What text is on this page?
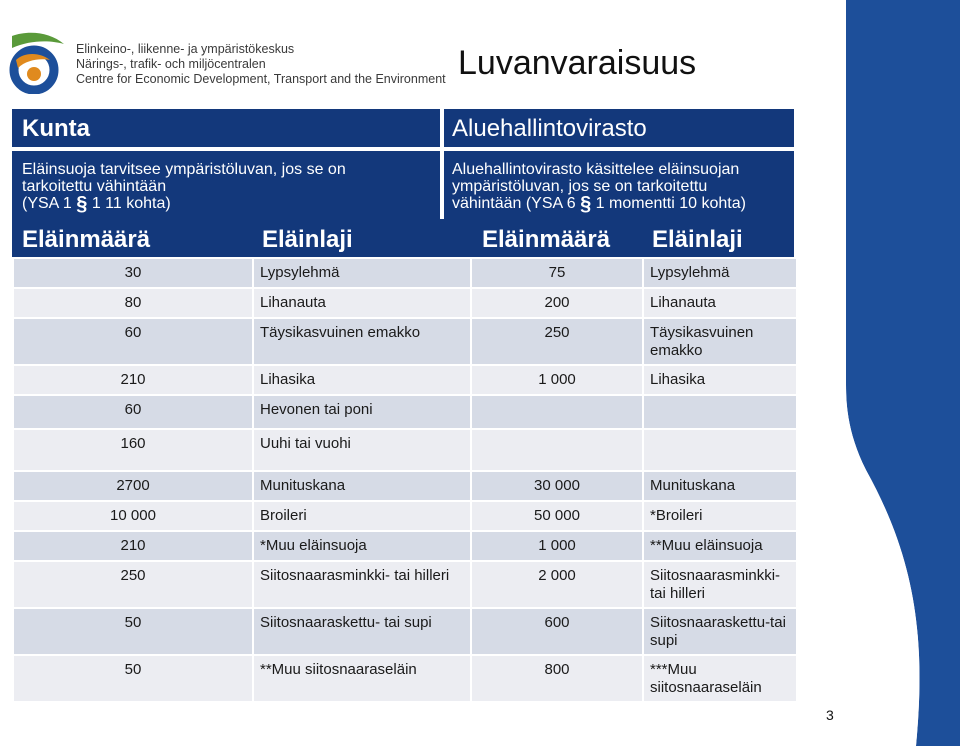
Elinkeino-, liikenne- ja ympäristökeskus
Närings-, trafik- och miljöcentralen
Centre for Economic Development, Transport and the Environment Luvanvaraisuus
Kunta	Aluehallintovirasto
Eläinsuoja tarvitsee ympäristöluvan, jos se on
tarkoitettu vähintään
(YSA 1 § 1 11 kohta)
Aluehallintovirasto käsittelee eläinsuojan
ympäristöluvan, jos se on tarkoitettu
vähintään (YSA 6 § 1 momentti 10 kohta)
Eläinmäärä	Eläinlaji	Eläinmäärä Eläinlaji
30	Lypsylehmä	75	Lypsylehmä
80	Lihanauta	200	Lihanauta
60	Täysikasvuinen emakko	250	Täysikasvuinen emakko
210	Lihasika	1 000	Lihasika
60	Hevonen tai poni		
160	Uuhi tai vuohi		
2700	Munituskana	30 000	Munituskana
10 000	Broileri	50 000	*Broileri
210	*Muu eläinsuoja	1 000	**Muu eläinsuoja
250	Siitosnaarasminkki- tai hilleri	2 000	Siitosnaarasminkki-tai hilleri
50	Siitosnaaraskettu- tai supi	600	Siitosnaaraskettu-tai supi
50	**Muu siitosnaaraseläin	800	***Muu siitosnaaraseläin
3
